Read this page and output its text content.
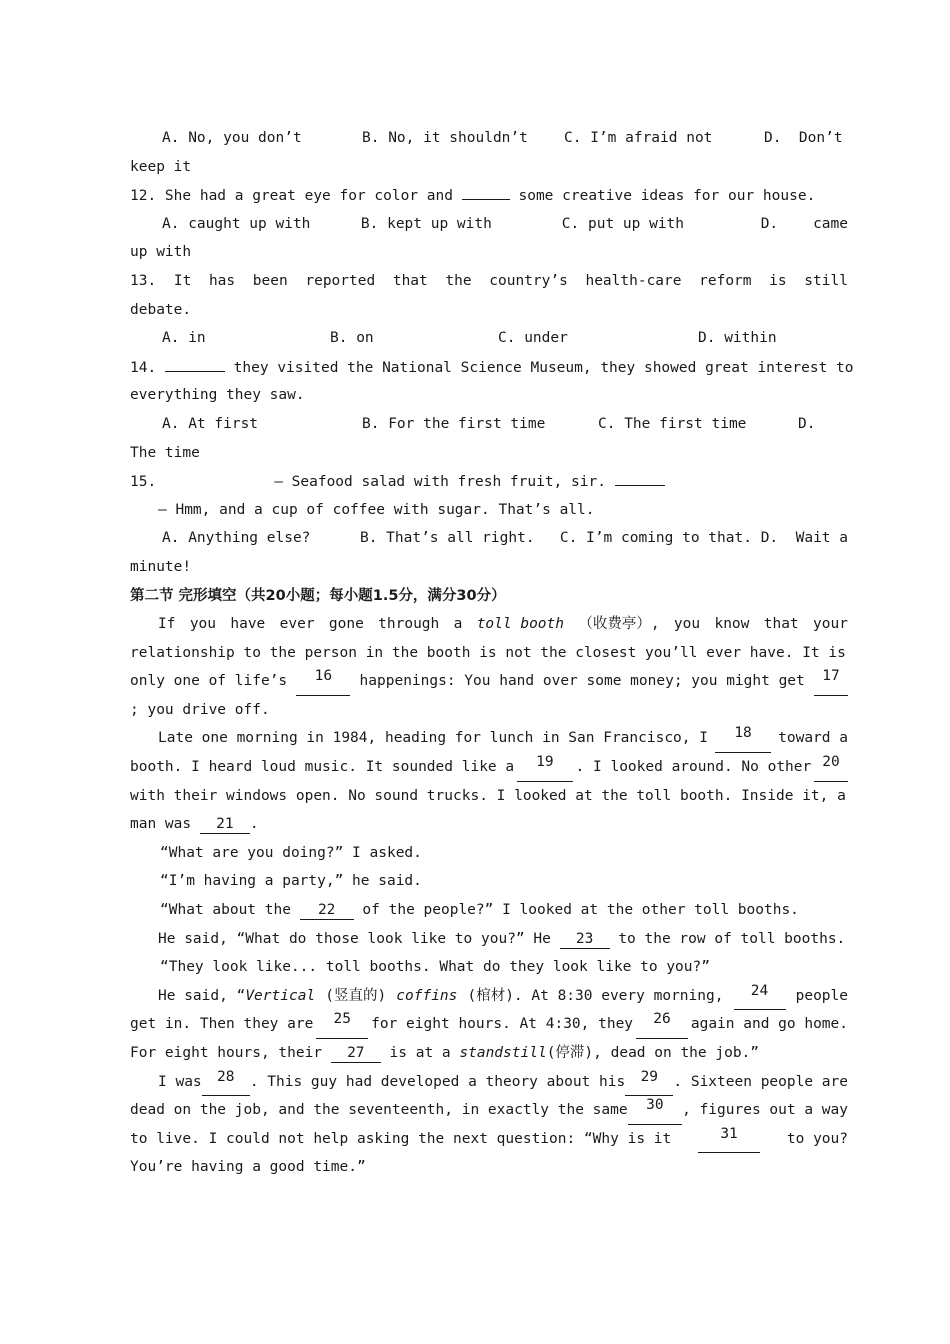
A. No, you don’t	B. No, it shouldn’t	C. I’m afraid not	D.  Don’t
keep it
12. She had a great eye for color and	some creative ideas for our house.
A. caught up with	B. kept up with	C. put up with	D.    came
up with
13. It has been reported that the country’s health-care reform is still
debate.
A. in	B. on	C. under	D. within
14.	they visited the National Science Museum, they showed great interest to
everything they saw.
A. At first	B. For the first time	C. The first time	D.
The time
15.	— Seafood salad with fresh fruit, sir.
— Hmm, and a cup of coffee with sugar. That’s all.
A. Anything else?	B. That’s all right.	C. I’m coming to that. D.  Wait a
minute!
第二节 完形填空（共20小题；每小题1.5分，满分30分）
If you have ever gone through a toll booth （收费亭）, you know that your
relationship to the person in the booth is not the closest you’ll ever have. It is
only one of life’s	16	happenings: You hand over some money; you might get	17
; you drive off.
Late one morning in 1984, heading for lunch in San Francisco, I	18	toward a
booth. I heard loud music. It sounded like a	19	. I looked around. No other 20
with their windows open. No sound trucks. I looked at the toll booth. Inside it, a
man was 21 .
“What are you doing?” I asked.
“I’m having a party,” he said.
“What about the 22 of the people?” I looked at the other toll booths.
He said, “What do those look like to you?” He 23 to the row of toll booths.
“They look like... toll booths. What do they look like to you?”
He said, “Vertical (竖直的) coffins (棺材). At 8:30 every morning,	24	people
get in. Then they are	25	for eight hours. At 4:30, they	26	again and go home.
For eight hours, their 27 is at a standstill(停滞), dead on the job.”
I was	28	. This guy had developed a theory about his	29	. Sixteen people are
dead on the job, and the seventeenth, in exactly the same	30	, figures out a way
to live. I could not help asking the next question: “Why is it	31	to you?
You’re having a good time.”
